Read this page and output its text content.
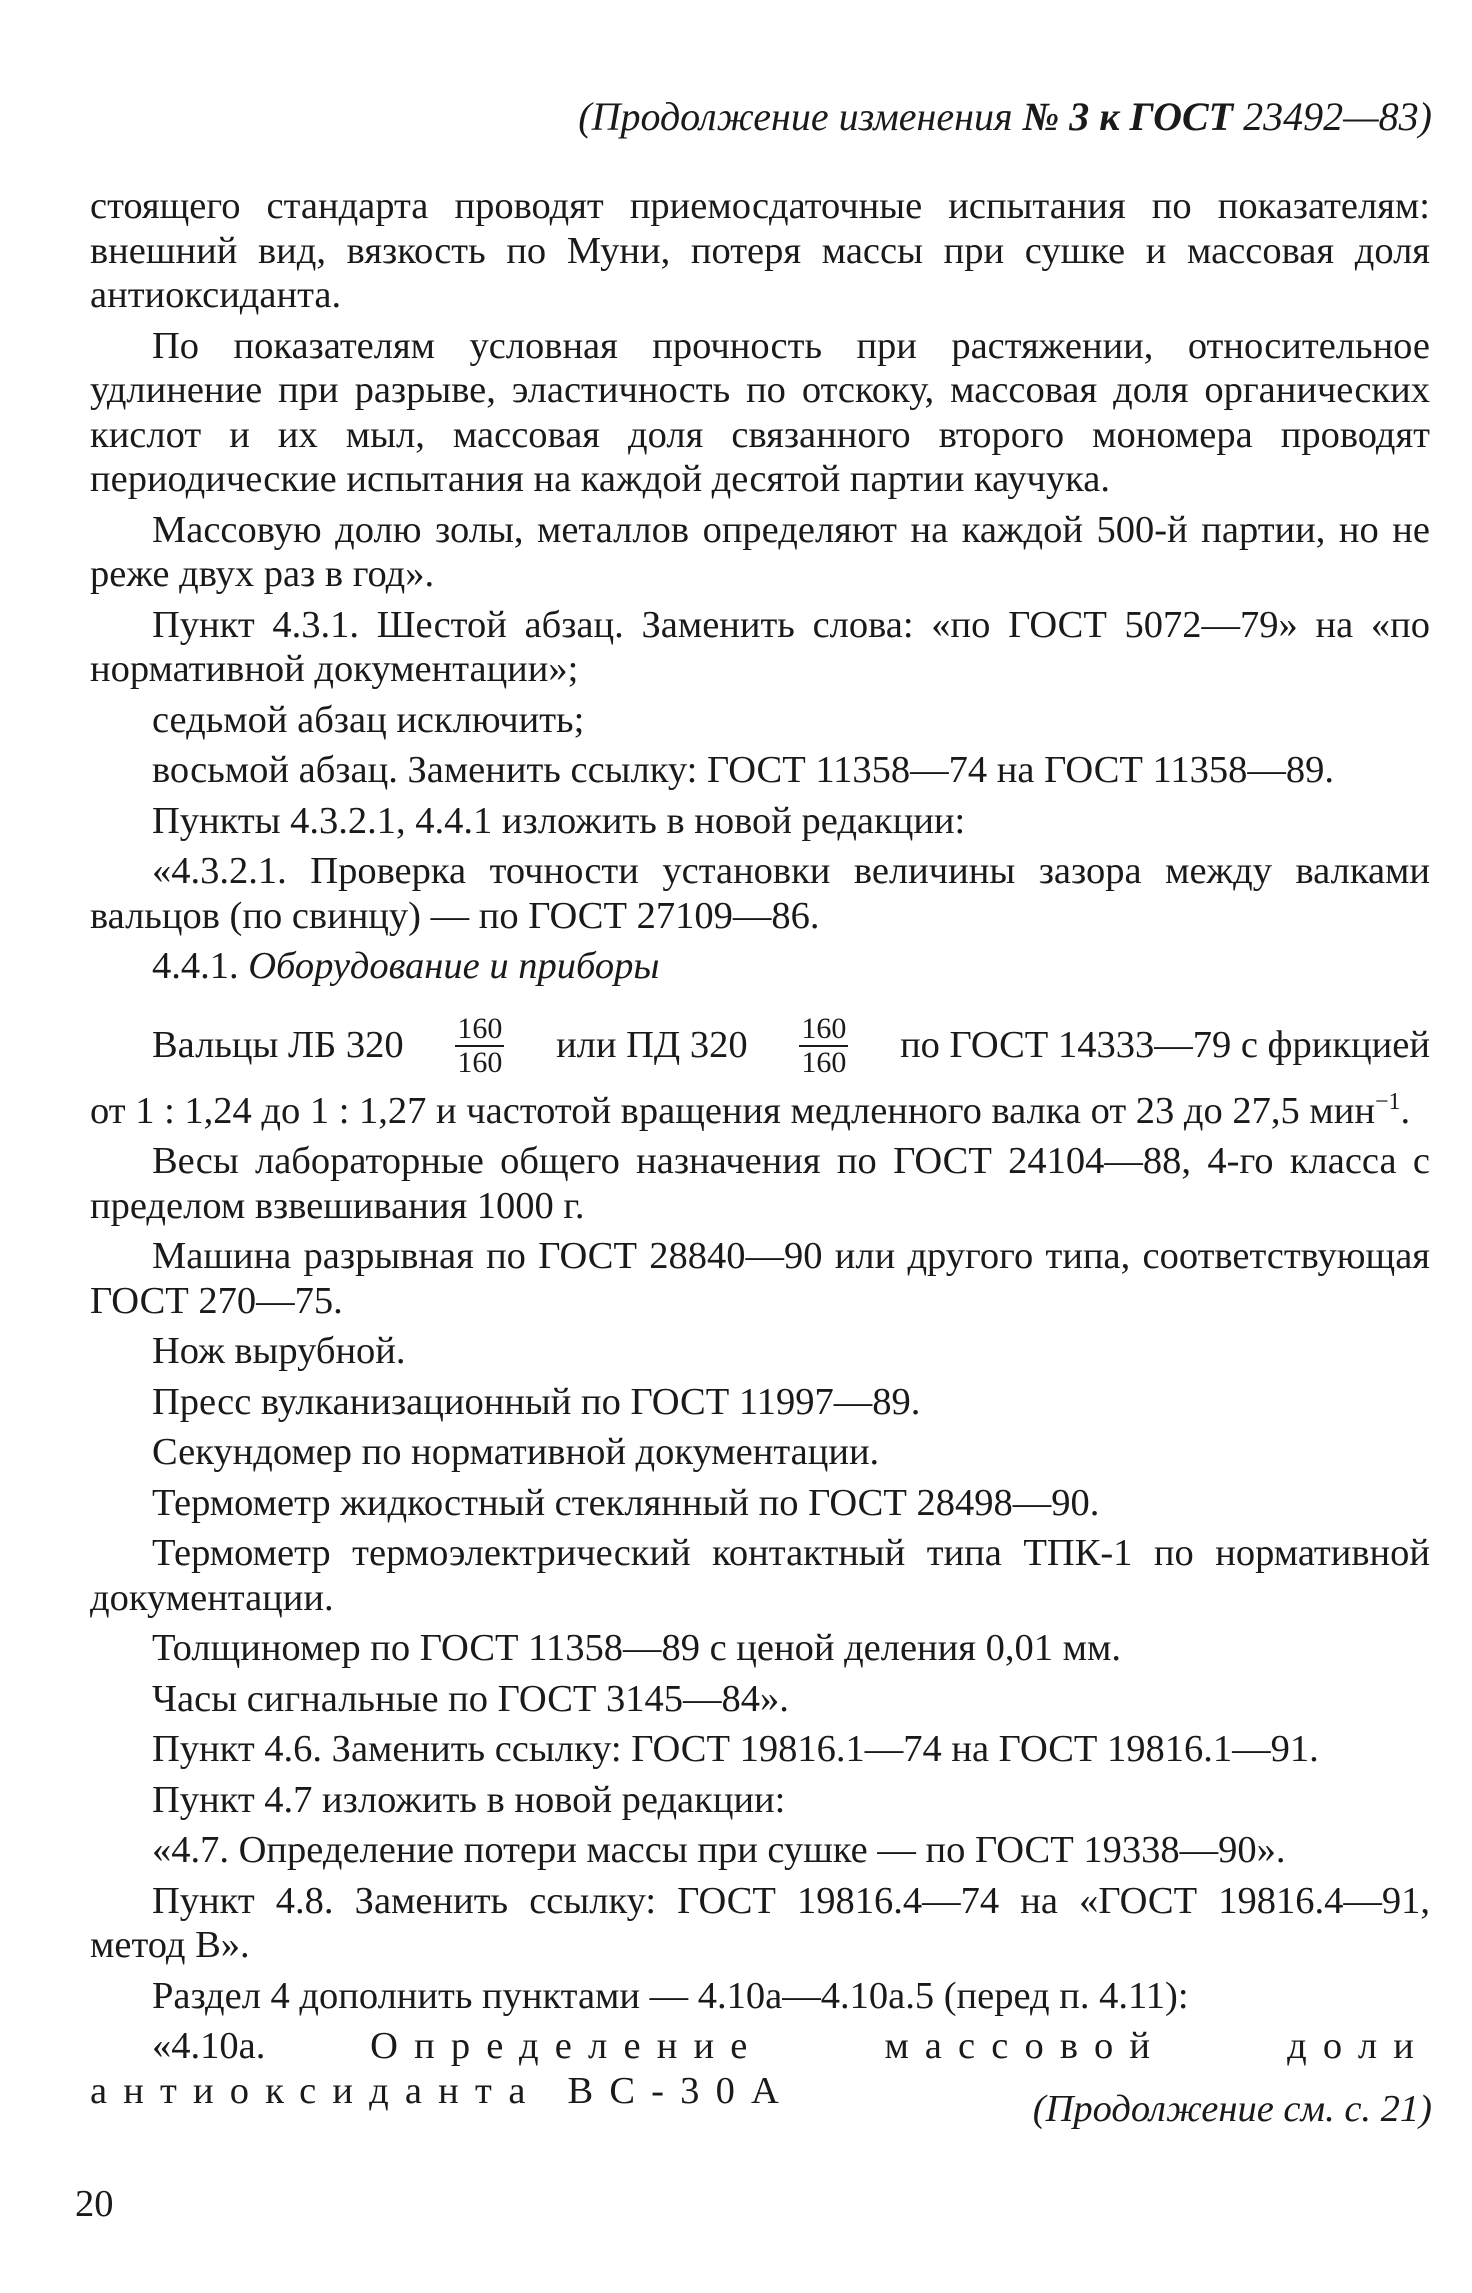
(Продолжение изменения № 3 к ГОСТ 23492—83)

стоящего стандарта проводят приемосдаточные испытания по показателям: внешний вид, вязкость по Муни, потеря массы при сушке и массовая доля антиоксиданта.

По показателям условная прочность при растяжении, относительное удлинение при разрыве, эластичность по отскоку, массовая доля органических кислот и их мыл, массовая доля связанного второго мономера проводят периодические испытания на каждой десятой партии каучука.

Массовую долю золы, металлов определяют на каждой 500-й партии, но не реже двух раз в год».

Пункт 4.3.1. Шестой абзац. Заменить слова: «по ГОСТ 5072—79» на «по нормативной документации»;

седьмой абзац исключить;

восьмой абзац. Заменить ссылку: ГОСТ 11358—74 на ГОСТ 11358—89.

Пункты 4.3.2.1, 4.4.1 изложить в новой редакции:

«4.3.2.1. Проверка точности установки величины зазора между валками вальцов (по свинцу) — по ГОСТ 27109—86.

4.4.1. Оборудование и приборы

Вальцы ЛБ $320 \frac{160}{160}$ или ПД $320 \frac{160}{160}$ по ГОСТ 14333—79 с фрикцией

от 1 : 1,24 до 1 : 1,27 и частотой вращения медленного валка от 23 до 27,5 мин$^{-1}$.

Весы лабораторные общего назначения по ГОСТ 24104—88, 4-го класса с пределом взвешивания 1000 г.

Машина разрывная по ГОСТ 28840—90 или другого типа, соответствующая ГОСТ 270—75.

Нож вырубной.

Пресс вулканизационный по ГОСТ 11997—89.

Секундомер по нормативной документации.

Термометр жидкостный стеклянный по ГОСТ 28498—90.

Термометр термоэлектрический контактный типа ТПК-1 по нормативной документации.

Толщиномер по ГОСТ 11358—89 с ценой деления 0,01 мм.

Часы сигнальные по ГОСТ 3145—84».

Пункт 4.6. Заменить ссылку: ГОСТ 19816.1—74 на ГОСТ 19816.1—91.

Пункт 4.7 изложить в новой редакции:

«4.7. Определение потери массы при сушке — по ГОСТ 19338—90».

Пункт 4.8. Заменить ссылку: ГОСТ 19816.4—74 на «ГОСТ 19816.4—91, метод В».

Раздел 4 дополнить пунктами — 4.10а—4.10а.5 (перед п. 4.11):

«4.10а. Определение массовой доли антиоксиданта ВС-30А	(Продолжение см. с. 21)
20
